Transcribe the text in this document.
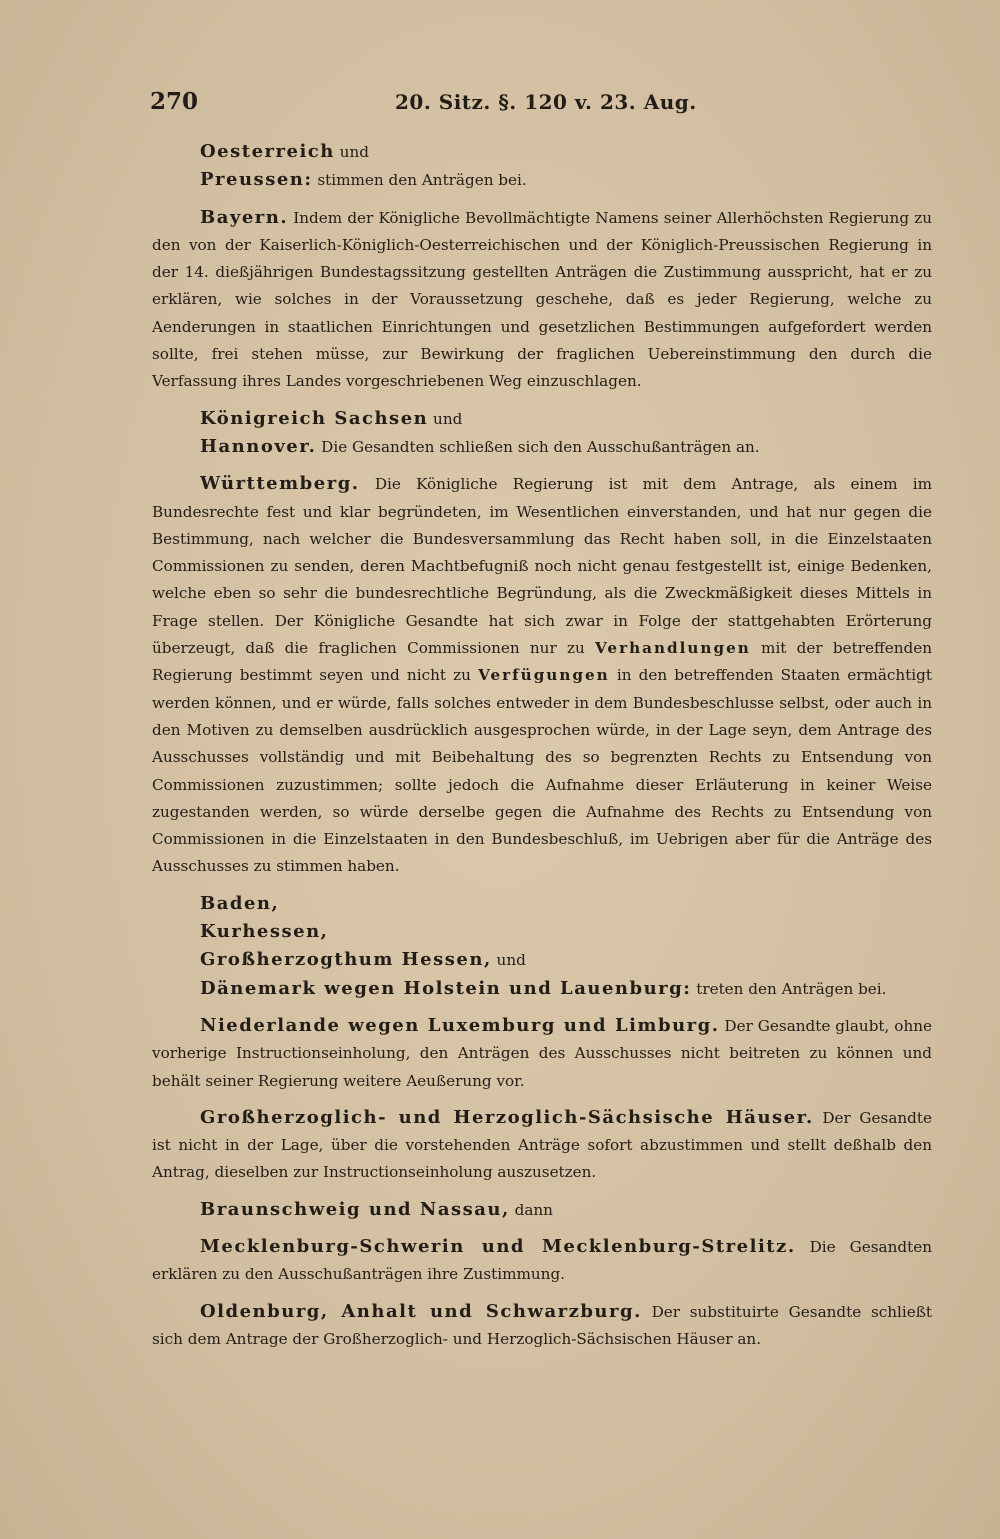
270	20. Sitz. §. 120 v. 23. Aug.

Oesterreich und

Preussen: stimmen den Anträgen bei.

Bayern. Indem der Königliche Bevollmächtigte Namens seiner Allerhöchsten Regierung zu den von der Kaiserlich-Königlich-Oesterreichischen und der Königlich-Preussischen Regierung in der 14. dießjährigen Bundestagssitzung gestellten Anträgen die Zustimmung ausspricht, hat er zu erklären, wie solches in der Voraussetzung geschehe, daß es jeder Regierung, welche zu Aenderungen in staatlichen Einrichtungen und gesetzlichen Bestimmungen aufgefordert werden sollte, frei stehen müsse, zur Bewirkung der fraglichen Uebereinstimmung den durch die Verfassung ihres Landes vorgeschriebenen Weg einzuschlagen.

Königreich Sachsen und

Hannover. Die Gesandten schließen sich den Ausschußanträgen an.

Württemberg. Die Königliche Regierung ist mit dem Antrage, als einem im Bundesrechte fest und klar begründeten, im Wesentlichen einverstanden, und hat nur gegen die Bestimmung, nach welcher die Bundesversammlung das Recht haben soll, in die Einzelstaaten Commissionen zu senden, deren Machtbefugniß noch nicht genau festgestellt ist, einige Bedenken, welche eben so sehr die bundesrechtliche Begründung, als die Zweckmäßigkeit dieses Mittels in Frage stellen. Der Königliche Gesandte hat sich zwar in Folge der stattgehabten Erörterung überzeugt, daß die fraglichen Commissionen nur zu Verhandlungen mit der betreffenden Regierung bestimmt seyen und nicht zu Verfügungen in den betreffenden Staaten ermächtigt werden können, und er würde, falls solches entweder in dem Bundesbeschlusse selbst, oder auch in den Motiven zu demselben ausdrücklich ausgesprochen würde, in der Lage seyn, dem Antrage des Ausschusses vollständig und mit Beibehaltung des so begrenzten Rechts zu Entsendung von Commissionen zuzustimmen; sollte jedoch die Aufnahme dieser Erläuterung in keiner Weise zugestanden werden, so würde derselbe gegen die Aufnahme des Rechts zu Entsendung von Commissionen in die Einzelstaaten in den Bundesbeschluß, im Uebrigen aber für die Anträge des Ausschusses zu stimmen haben.

Baden,

Kurhessen,

Großherzogthum Hessen, und

Dänemark wegen Holstein und Lauenburg: treten den Anträgen bei.

Niederlande wegen Luxemburg und Limburg. Der Gesandte glaubt, ohne vorherige Instructionseinholung, den Anträgen des Ausschusses nicht beitreten zu können und behält seiner Regierung weitere Aeußerung vor.

Großherzoglich- und Herzoglich-Sächsische Häuser. Der Gesandte ist nicht in der Lage, über die vorstehenden Anträge sofort abzustimmen und stellt deßhalb den Antrag, dieselben zur Instructionseinholung auszusetzen.

Braunschweig und Nassau, dann

Mecklenburg-Schwerin und Mecklenburg-Strelitz. Die Gesandten erklären zu den Ausschußanträgen ihre Zustimmung.

Oldenburg, Anhalt und Schwarzburg. Der substituirte Gesandte schließt sich dem Antrage der Großherzoglich- und Herzoglich-Sächsischen Häuser an.
